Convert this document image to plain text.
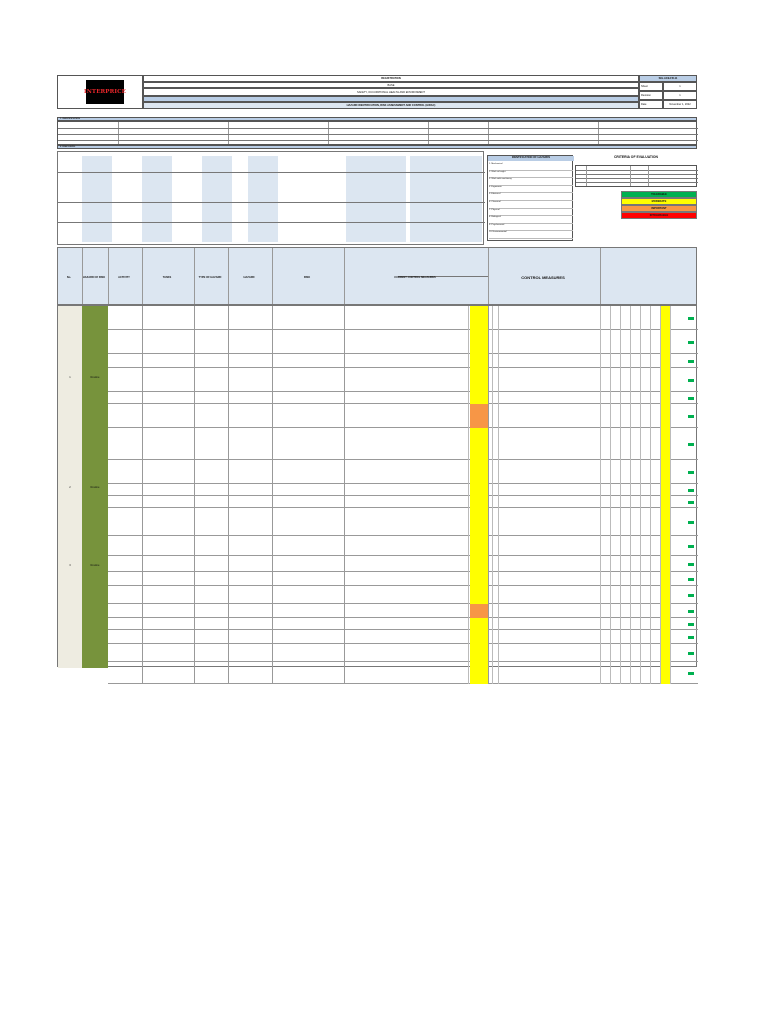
INTERPRICE
REGISTRATION
BASE
SAFETY, OCCUPATIONAL HEALTH AND ENVIRONMENT
HAZARD IDENTIFICATION, RISK ASSESSMENT AND CONTROL (HIRAC)
SIG-ACE-FR-11
Sheet	1
Revision	1
Date	November 1, 2022
1. IDENTIFICATION
2. RISK LEVEL
IDENTIFICATION OF HAZARDS
1. Mechanical
2. Work at height
3. Work with machinery
4. Ergonomic
5. Electrical
6. Chemical
7. Physical
8. Biological
9. Psychosocial
10. Environmental
CRITERIA OF EVALUATION
TOLERABLE
MODERATE
IMPORTANT
INTOLERABLE
1	Routine
2	Routine
3	Routine
No.	HAZARD OF RISK	ACTIVITY	TASKS	TYPE OF HAZARD	HAZARD	RISK	CURRENT CONTROL MEASURES	CONTROL MEASURES
